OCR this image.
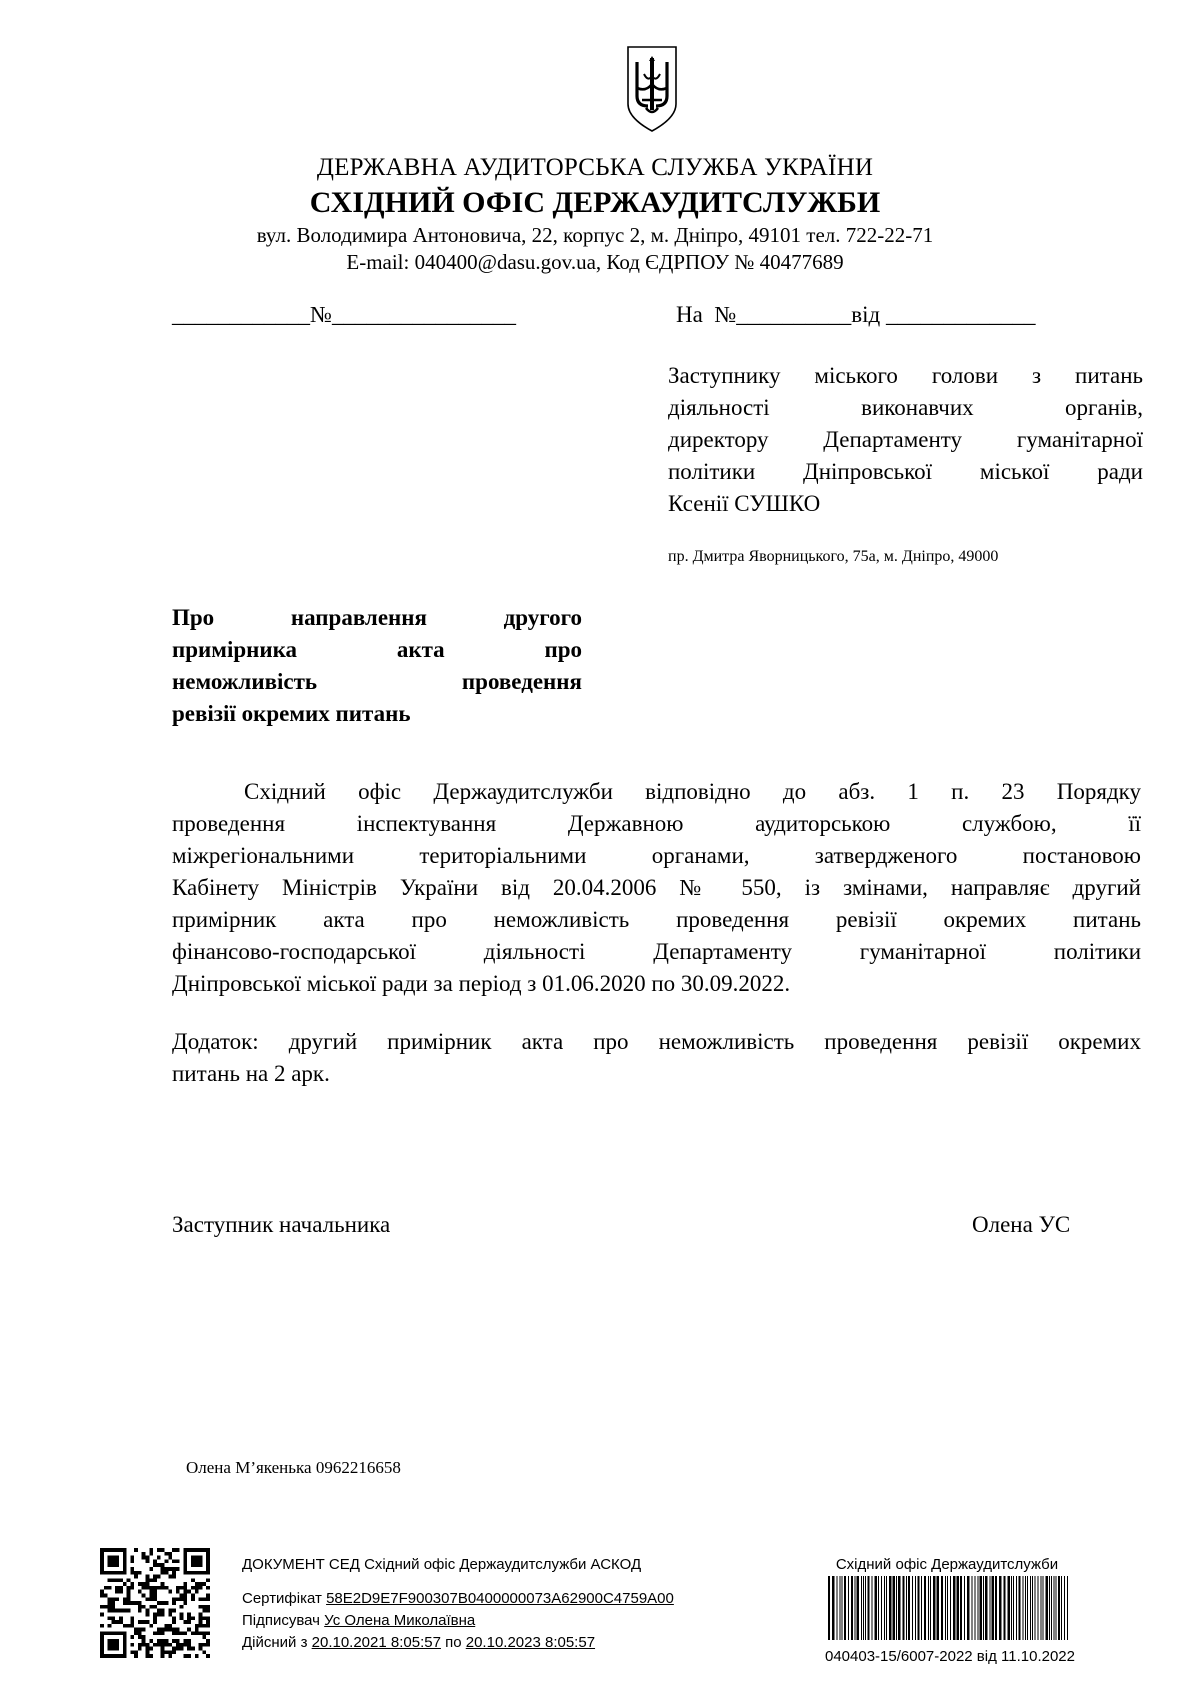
ДЕРЖАВНА АУДИТОРСЬКА СЛУЖБА УКРАЇНИ
СХІДНИЙ ОФІС ДЕРЖАУДИТСЛУЖБИ
вул. Володимира Антоновича, 22, корпус 2, м. Дніпро, 49101 тел. 722-22-71
E-mail: 040400@dasu.gov.ua, Код ЄДРПОУ № 40477689
____________№________________	На  №__________від _____________
Заступнику міського голови з питань
діяльності виконавчих органів,
директору Департаменту гуманітарної
політики Дніпровської міської ради
Ксенії СУШКО
пр. Дмитра Яворницького, 75а, м. Дніпро, 49000
Про направлення другого
примірника акта про
неможливість проведення
ревізії окремих питань
Східний офіс Держаудитслужби відповідно до абз. 1 п. 23 Порядку
проведення інспектування Державною аудиторською службою, її
міжрегіональними територіальними органами, затвердженого постановою
Кабінету Міністрів України від 20.04.2006 № 550, із змінами, направляє другий
примірник акта про неможливість проведення ревізії окремих питань
фінансово-господарської діяльності Департаменту гуманітарної політики
Дніпровської міської ради за період з 01.06.2020 по 30.09.2022.
Додаток: другий примірник акта про неможливість проведення ревізії окремих
питань на 2 арк.
Заступник начальника	Олена УС
Олена М’якенька 0962216658
ДОКУМЕНТ СЕД Східний офіс Держаудитслужби АСКОД
Сертифікат 58E2D9E7F900307B0400000073A62900C4759A00
Підписувач Ус Олена Миколаївна
Дійсний з 20.10.2021 8:05:57 по 20.10.2023 8:05:57
Східний офіс Держаудитслужби
040403-15/6007-2022 від 11.10.2022
